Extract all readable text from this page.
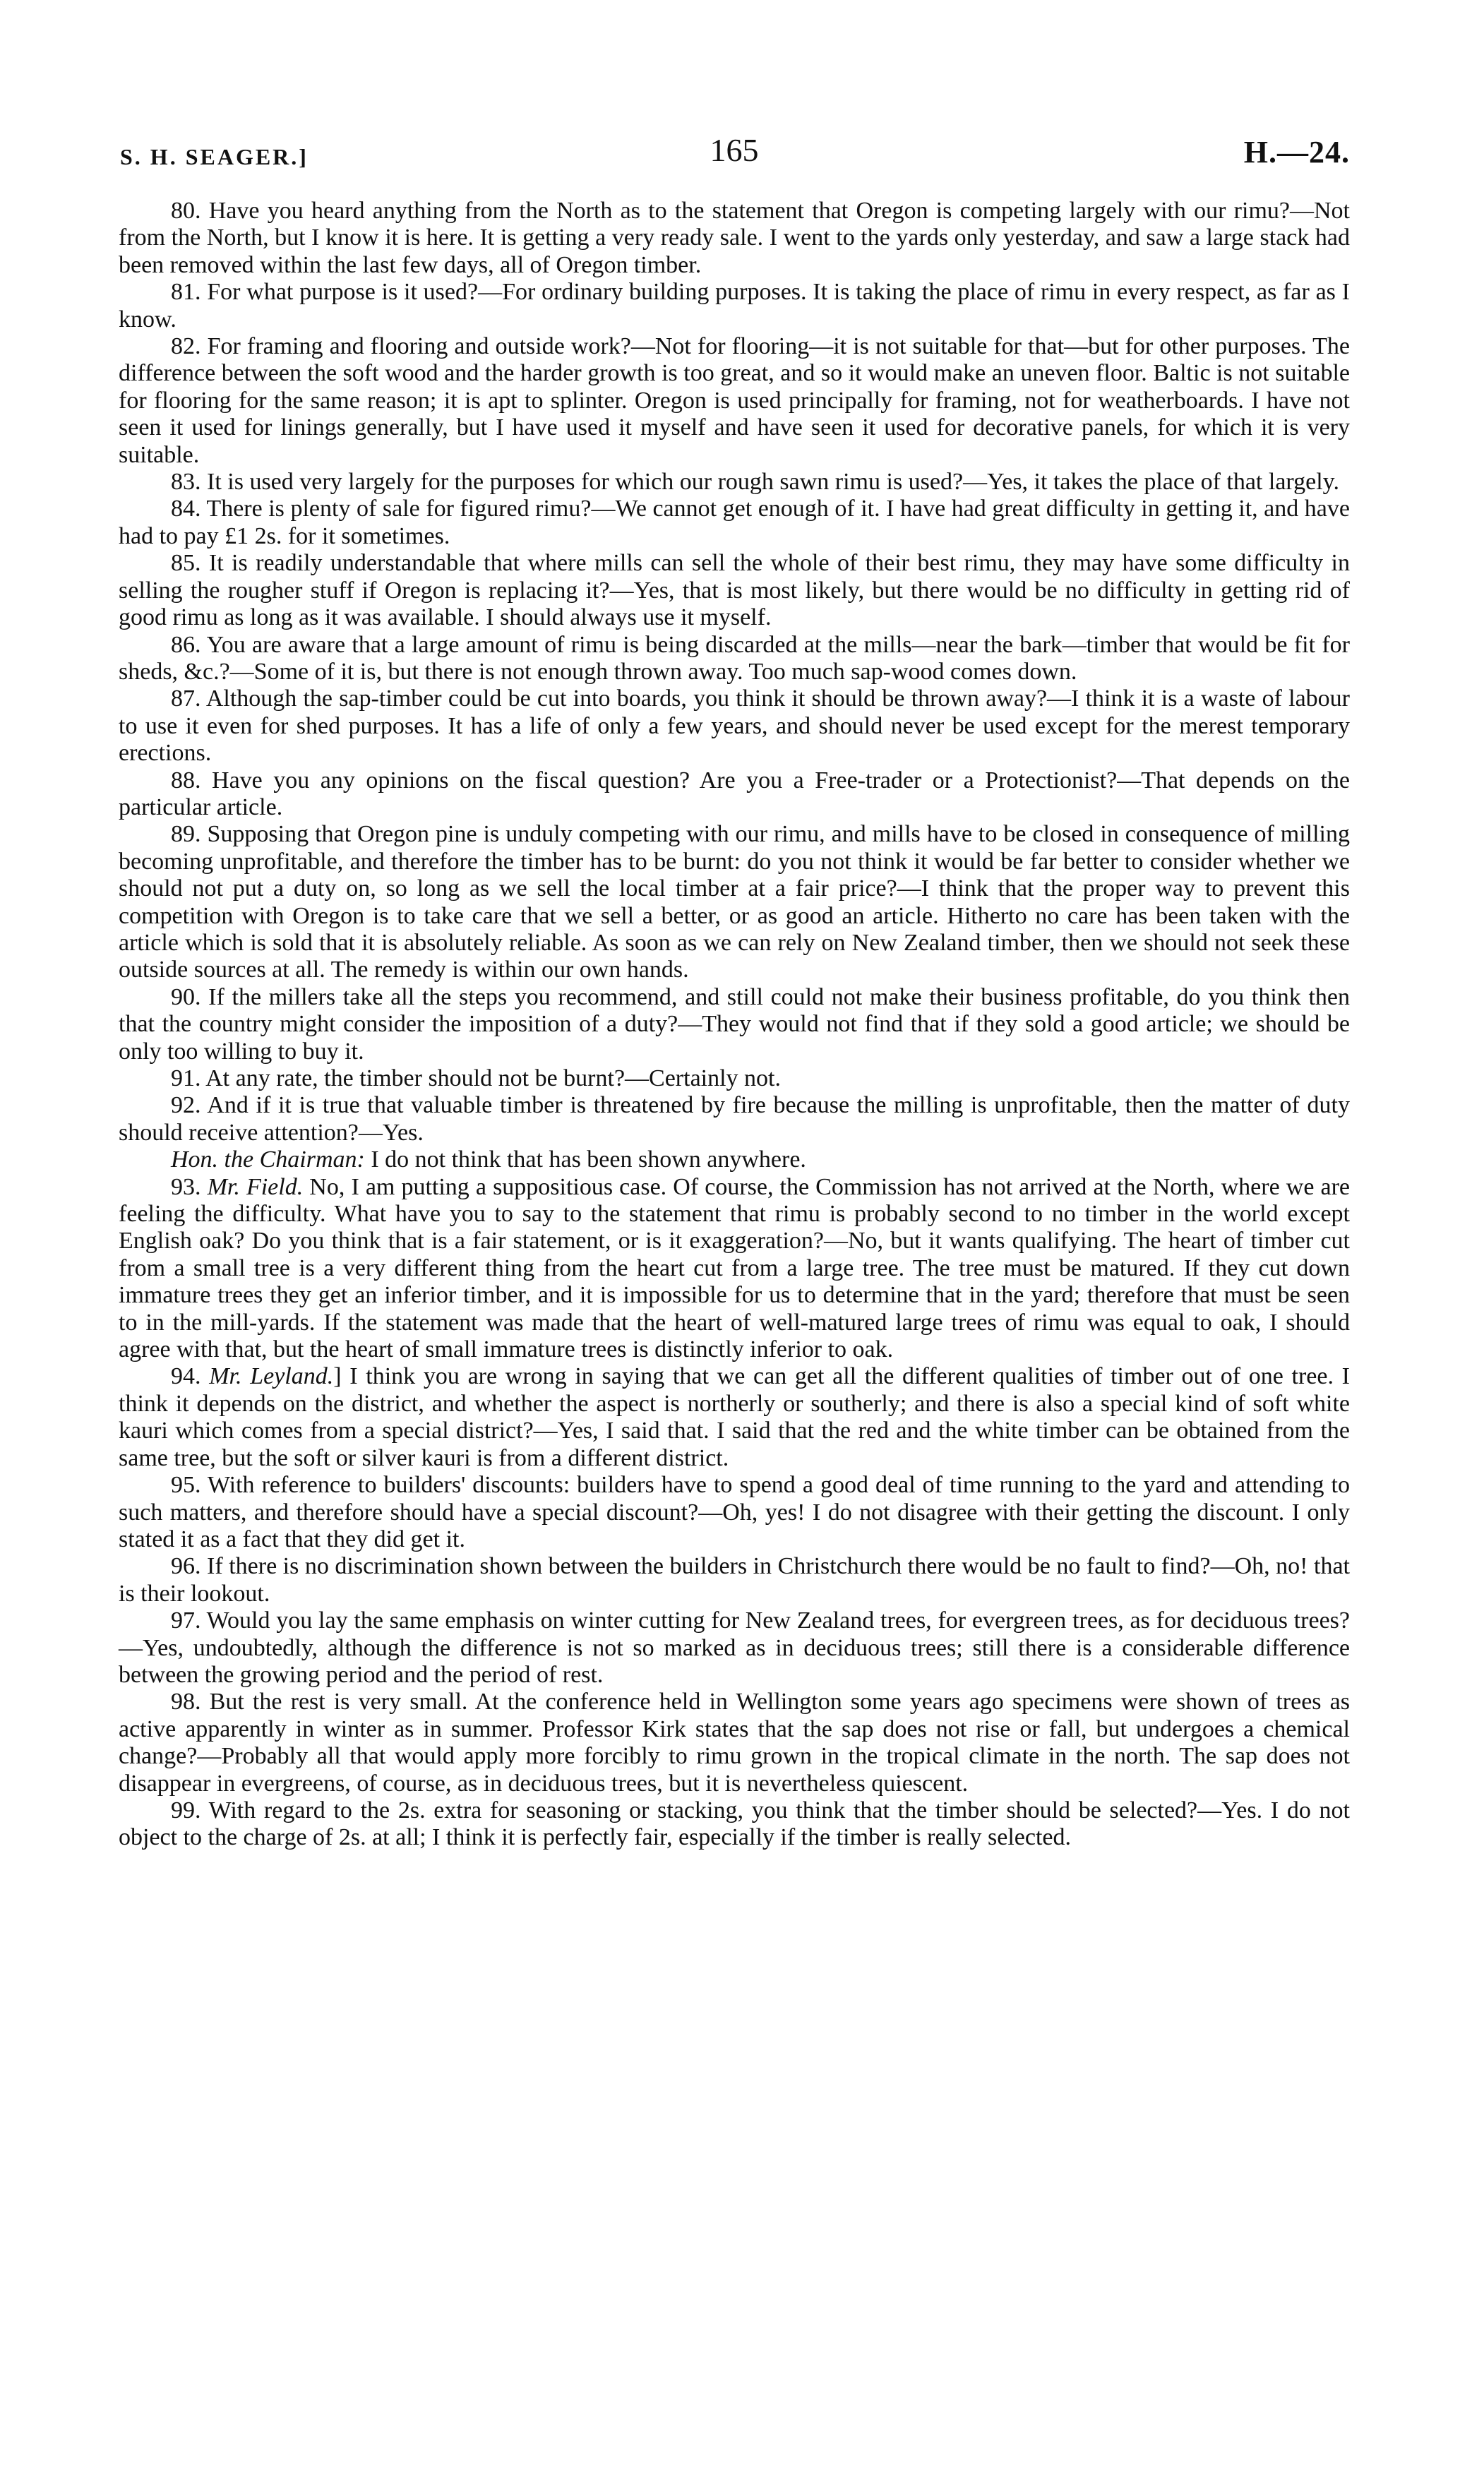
S. H. SEAGER.]	165	H.—24.

80. Have you heard anything from the North as to the statement that Oregon is competing largely with our rimu?—Not from the North, but I know it is here. It is getting a very ready sale. I went to the yards only yesterday, and saw a large stack had been removed within the last few days, all of Oregon timber.

81. For what purpose is it used?—For ordinary building purposes. It is taking the place of rimu in every respect, as far as I know.

82. For framing and flooring and outside work?—Not for flooring—it is not suitable for that—but for other purposes. The difference between the soft wood and the harder growth is too great, and so it would make an uneven floor. Baltic is not suitable for flooring for the same reason; it is apt to splinter. Oregon is used principally for framing, not for weatherboards. I have not seen it used for linings generally, but I have used it myself and have seen it used for decorative panels, for which it is very suitable.

83. It is used very largely for the purposes for which our rough sawn rimu is used?—Yes, it takes the place of that largely.

84. There is plenty of sale for figured rimu?—We cannot get enough of it. I have had great difficulty in getting it, and have had to pay £1 2s. for it sometimes.

85. It is readily understandable that where mills can sell the whole of their best rimu, they may have some difficulty in selling the rougher stuff if Oregon is replacing it?—Yes, that is most likely, but there would be no difficulty in getting rid of good rimu as long as it was available. I should always use it myself.

86. You are aware that a large amount of rimu is being discarded at the mills—near the bark—timber that would be fit for sheds, &c.?—Some of it is, but there is not enough thrown away. Too much sap-wood comes down.

87. Although the sap-timber could be cut into boards, you think it should be thrown away?—I think it is a waste of labour to use it even for shed purposes. It has a life of only a few years, and should never be used except for the merest temporary erections.

88. Have you any opinions on the fiscal question? Are you a Free-trader or a Protectionist?—That depends on the particular article.

89. Supposing that Oregon pine is unduly competing with our rimu, and mills have to be closed in consequence of milling becoming unprofitable, and therefore the timber has to be burnt: do you not think it would be far better to consider whether we should not put a duty on, so long as we sell the local timber at a fair price?—I think that the proper way to prevent this competition with Oregon is to take care that we sell a better, or as good an article. Hitherto no care has been taken with the article which is sold that it is absolutely reliable. As soon as we can rely on New Zealand timber, then we should not seek these outside sources at all. The remedy is within our own hands.

90. If the millers take all the steps you recommend, and still could not make their business profitable, do you think then that the country might consider the imposition of a duty?—They would not find that if they sold a good article; we should be only too willing to buy it.

91. At any rate, the timber should not be burnt?—Certainly not.

92. And if it is true that valuable timber is threatened by fire because the milling is unprofitable, then the matter of duty should receive attention?—Yes.

Hon. the Chairman: I do not think that has been shown anywhere.

93. Mr. Field. No, I am putting a suppositious case. Of course, the Commission has not arrived at the North, where we are feeling the difficulty. What have you to say to the statement that rimu is probably second to no timber in the world except English oak? Do you think that is a fair statement, or is it exaggeration?—No, but it wants qualifying. The heart of timber cut from a small tree is a very different thing from the heart cut from a large tree. The tree must be matured. If they cut down immature trees they get an inferior timber, and it is impossible for us to determine that in the yard; therefore that must be seen to in the mill-yards. If the statement was made that the heart of well-matured large trees of rimu was equal to oak, I should agree with that, but the heart of small immature trees is distinctly inferior to oak.

94. Mr. Leyland.] I think you are wrong in saying that we can get all the different qualities of timber out of one tree. I think it depends on the district, and whether the aspect is northerly or southerly; and there is also a special kind of soft white kauri which comes from a special district?—Yes, I said that. I said that the red and the white timber can be obtained from the same tree, but the soft or silver kauri is from a different district.

95. With reference to builders' discounts: builders have to spend a good deal of time running to the yard and attending to such matters, and therefore should have a special discount?—Oh, yes! I do not disagree with their getting the discount. I only stated it as a fact that they did get it.

96. If there is no discrimination shown between the builders in Christchurch there would be no fault to find?—Oh, no! that is their lookout.

97. Would you lay the same emphasis on winter cutting for New Zealand trees, for evergreen trees, as for deciduous trees?—Yes, undoubtedly, although the difference is not so marked as in deciduous trees; still there is a considerable difference between the growing period and the period of rest.

98. But the rest is very small. At the conference held in Wellington some years ago specimens were shown of trees as active apparently in winter as in summer. Professor Kirk states that the sap does not rise or fall, but undergoes a chemical change?—Probably all that would apply more forcibly to rimu grown in the tropical climate in the north. The sap does not disappear in evergreens, of course, as in deciduous trees, but it is nevertheless quiescent.

99. With regard to the 2s. extra for seasoning or stacking, you think that the timber should be selected?—Yes. I do not object to the charge of 2s. at all; I think it is perfectly fair, especially if the timber is really selected.
